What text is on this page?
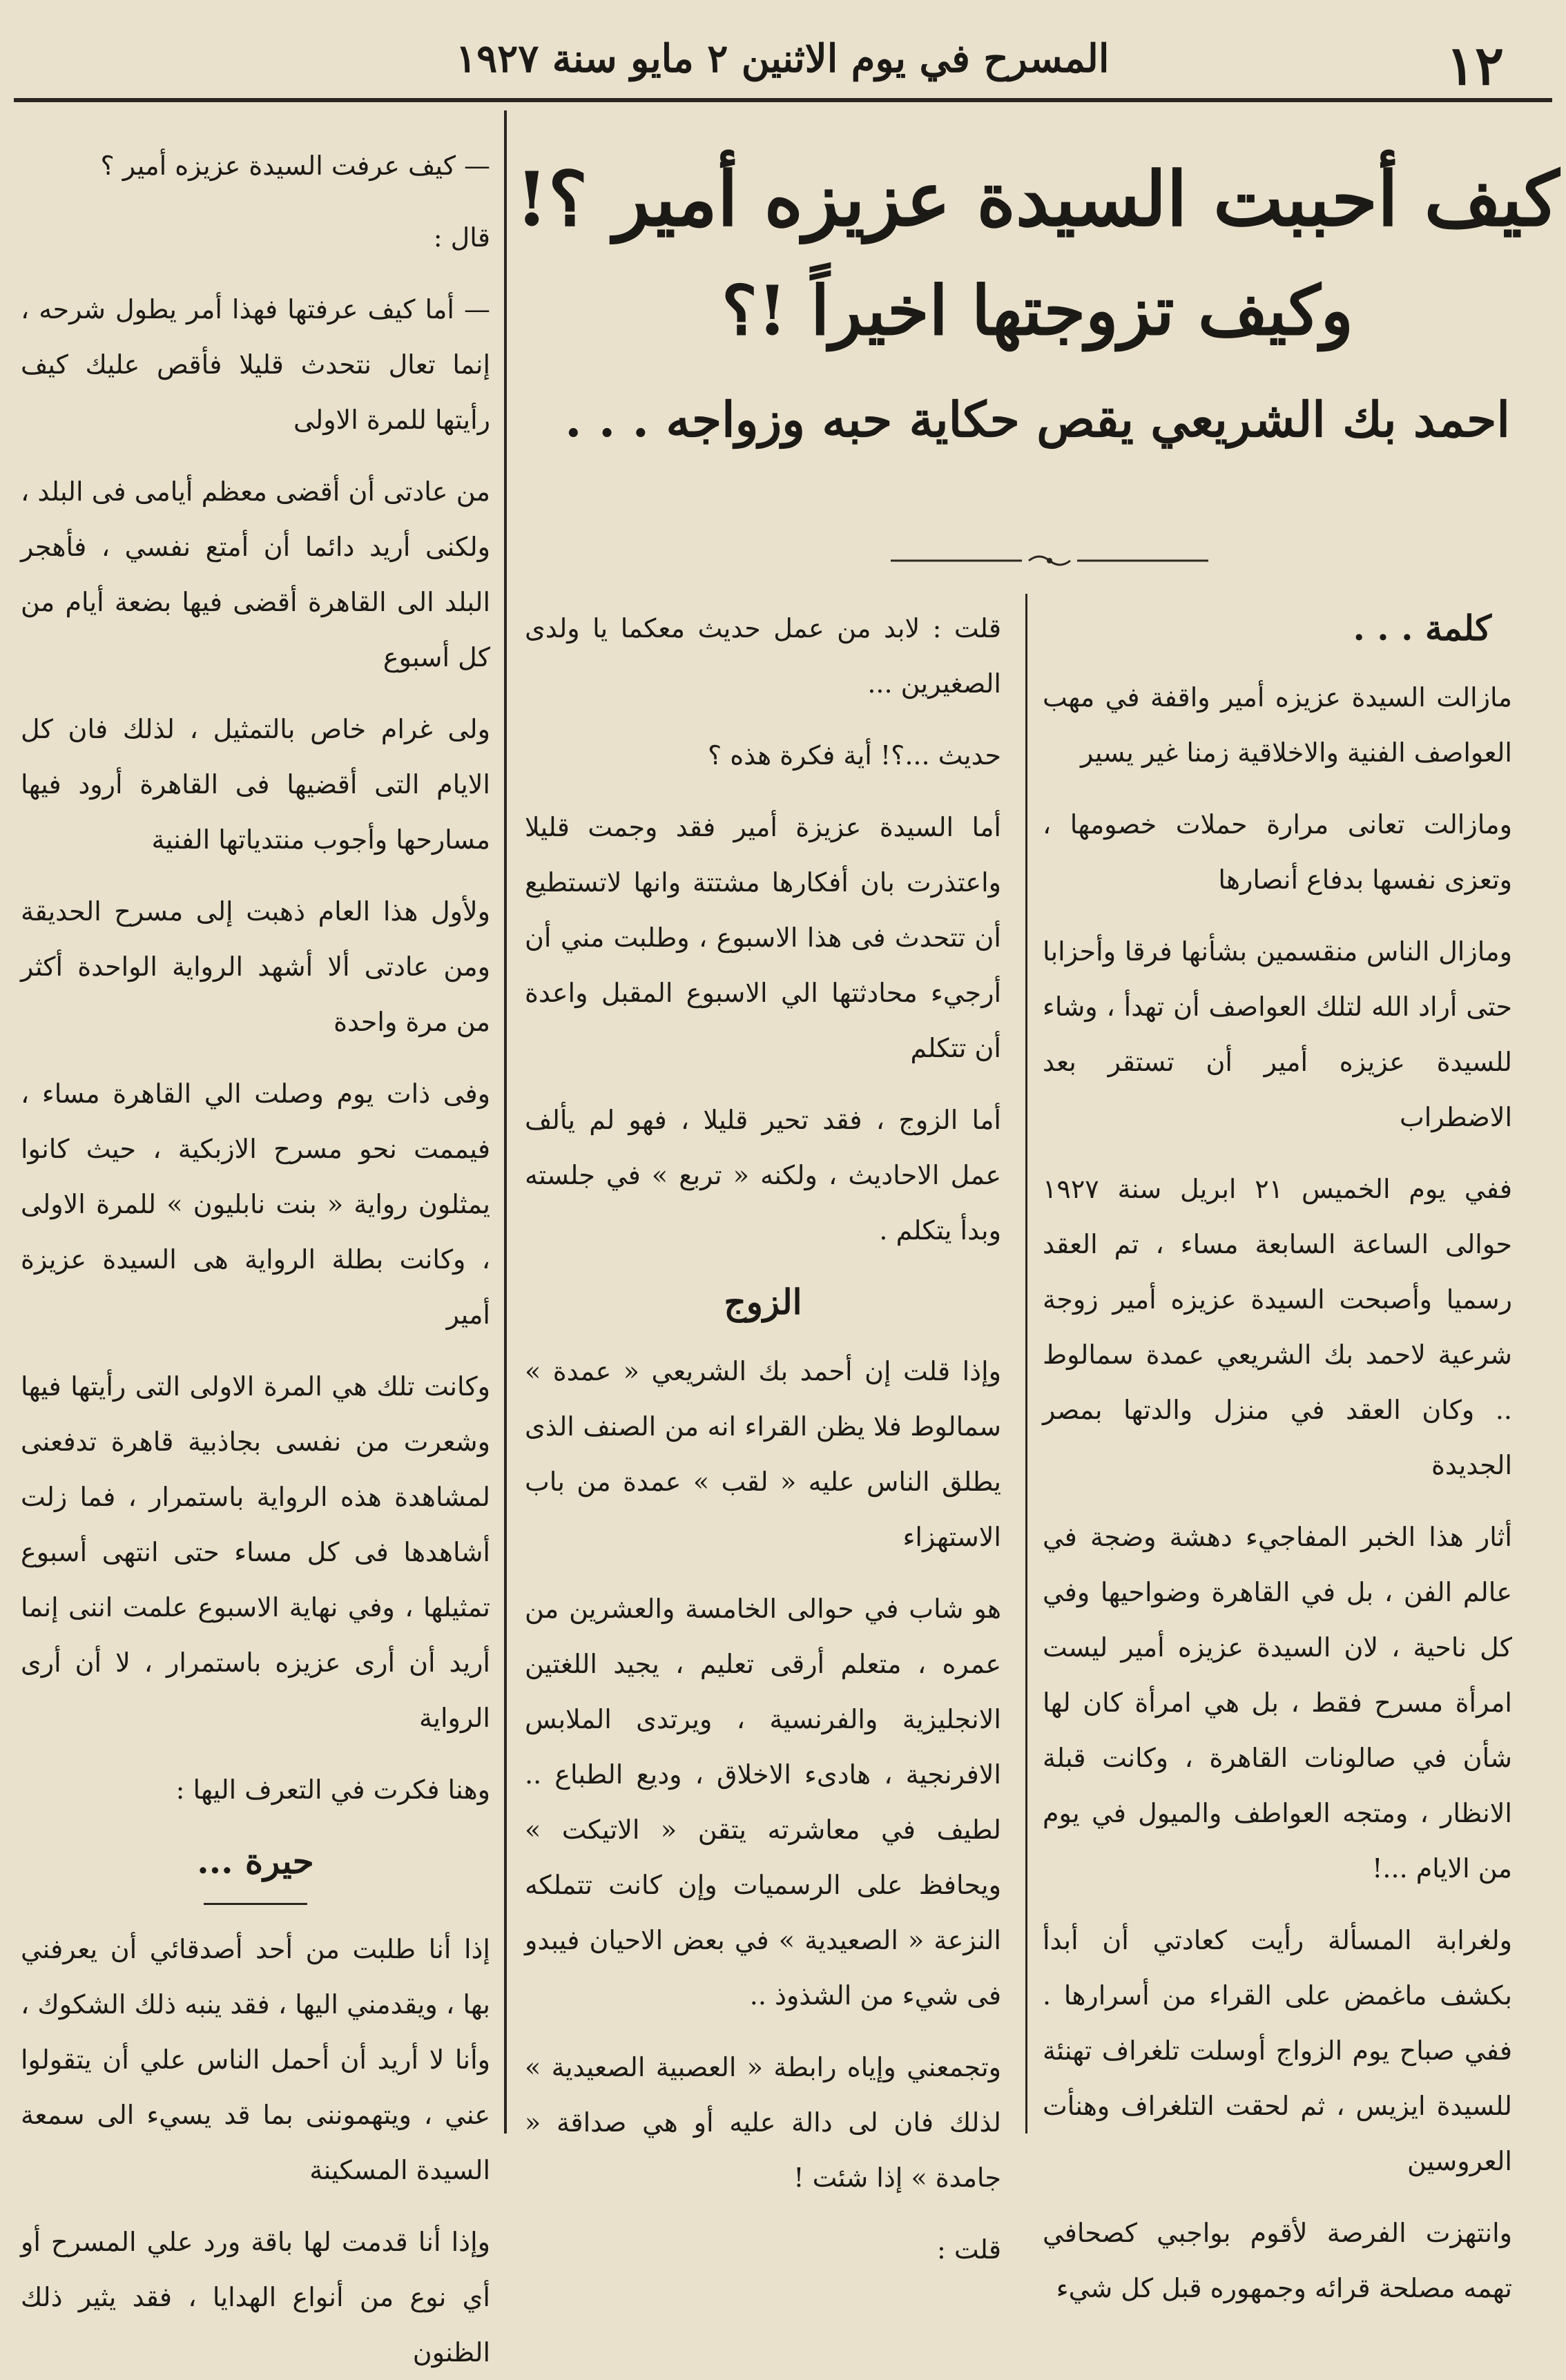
١٢
المسرح في يوم الاثنين ٢ مايو سنة ١٩٢٧
كيف أحببت السيدة عزيزه أمير ؟!
وكيف تزوجتها اخيراً !؟
احمد بك الشريعي يقص حكاية حبه وزواجه . . .
كلمة . . .

مازالت السيدة عزيزه أمير واقفة في مهب العواصف الفنية والاخلاقية زمنا غير يسير

ومازالت تعانى مرارة حملات خصومها ، وتعزى نفسها بدفاع أنصارها

ومازال الناس منقسمين بشأنها فرقا وأحزابا حتى أراد الله لتلك العواصف أن تهدأ ، وشاء للسيدة عزيزه أمير أن تستقر بعد الاضطراب

ففي يوم الخميس ٢١ ابريل سنة ١٩٢٧ حوالى الساعة السابعة مساء ، تم العقد رسميا وأصبحت السيدة عزيزه أمير زوجة شرعية لاحمد بك الشريعي عمدة سمالوط .. وكان العقد في منزل والدتها بمصر الجديدة

أثار هذا الخبر المفاجيء دهشة وضجة في عالم الفن ، بل في القاهرة وضواحيها وفي كل ناحية ، لان السيدة عزيزه أمير ليست امرأة مسرح فقط ، بل هي امرأة كان لها شأن في صالونات القاهرة ، وكانت قبلة الانظار ، ومتجه العواطف والميول في يوم من الايام ...!

ولغرابة المسألة رأيت كعادتي أن أبدأ بكشف ماغمض على القراء من أسرارها . ففي صباح يوم الزواج أوسلت تلغراف تهنئة للسيدة ايزيس ، ثم لحقت التلغراف وهنأت العروسين

وانتهزت الفرصة لأقوم بواجبي كصحافي تهمه مصلحة قرائه وجمهوره قبل كل شيء

قلت : لابد من عمل حديث معكما يا ولدى الصغيرين ...

حديث ...؟! أية فكرة هذه ؟

أما السيدة عزيزة أمير فقد وجمت قليلا واعتذرت بان أفكارها مشتتة وانها لاتستطيع أن تتحدث فى هذا الاسبوع ، وطلبت مني أن أرجيء محادثتها الي الاسبوع المقبل واعدة أن تتكلم

أما الزوج ، فقد تحير قليلا ، فهو لم يألف عمل الاحاديث ، ولكنه « تربع » في جلسته وبدأ يتكلم .

الزوج

وإذا قلت إن أحمد بك الشريعي « عمدة » سمالوط فلا يظن القراء انه من الصنف الذى يطلق الناس عليه « لقب » عمدة من باب الاستهزاء

هو شاب في حوالى الخامسة والعشرين من عمره ، متعلم أرقى تعليم ، يجيد اللغتين الانجليزية والفرنسية ، ويرتدى الملابس الافرنجية ، هادىء الاخلاق ، وديع الطباع .. لطيف في معاشرته يتقن « الاتيكت » ويحافظ على الرسميات وإن كانت تتملكه النزعة « الصعيدية » في بعض الاحيان فيبدو فى شيء من الشذوذ ..

وتجمعني وإياه رابطة « العصبية الصعيدية » لذلك فان لى دالة عليه أو هي صداقة « جامدة » إذا شئت !

قلت :

— كيف عرفت السيدة عزيزه أمير ؟

قال :

— أما كيف عرفتها فهذا أمر يطول شرحه ، إنما تعال نتحدث قليلا فأقص عليك كيف رأيتها للمرة الاولى

من عادتى أن أقضى معظم أيامى فى البلد ، ولكنى أريد دائما أن أمتع نفسي ، فأهجر البلد الى القاهرة أقضى فيها بضعة أيام من كل أسبوع

ولى غرام خاص بالتمثيل ، لذلك فان كل الايام التى أقضيها فى القاهرة أرود فيها مسارحها وأجوب منتدياتها الفنية

ولأول هذا العام ذهبت إلى مسرح الحديقة ومن عادتى ألا أشهد الرواية الواحدة أكثر من مرة واحدة

وفى ذات يوم وصلت الي القاهرة مساء ، فيممت نحو مسرح الازبكية ، حيث كانوا يمثلون رواية « بنت نابليون » للمرة الاولى ، وكانت بطلة الرواية هى السيدة عزيزة أمير

وكانت تلك هي المرة الاولى التى رأيتها فيها وشعرت من نفسى بجاذبية قاهرة تدفعنى لمشاهدة هذه الرواية باستمرار ، فما زلت أشاهدها فى كل مساء حتى انتهى أسبوع تمثيلها ، وفي نهاية الاسبوع علمت اننى إنما أريد أن أرى عزيزه باستمرار ، لا أن أرى الرواية

وهنا فكرت في التعرف اليها :

حيرة ...

إذا أنا طلبت من أحد أصدقائي أن يعرفني بها ، ويقدمني اليها ، فقد ينبه ذلك الشكوك ، وأنا لا أريد أن أحمل الناس علي أن يتقولوا عني ، ويتهموننى بما قد يسيء الى سمعة السيدة المسكينة

وإذا أنا قدمت لها باقة ورد علي المسرح أو أي نوع من أنواع الهدايا ، فقد يثير ذلك الظنون
